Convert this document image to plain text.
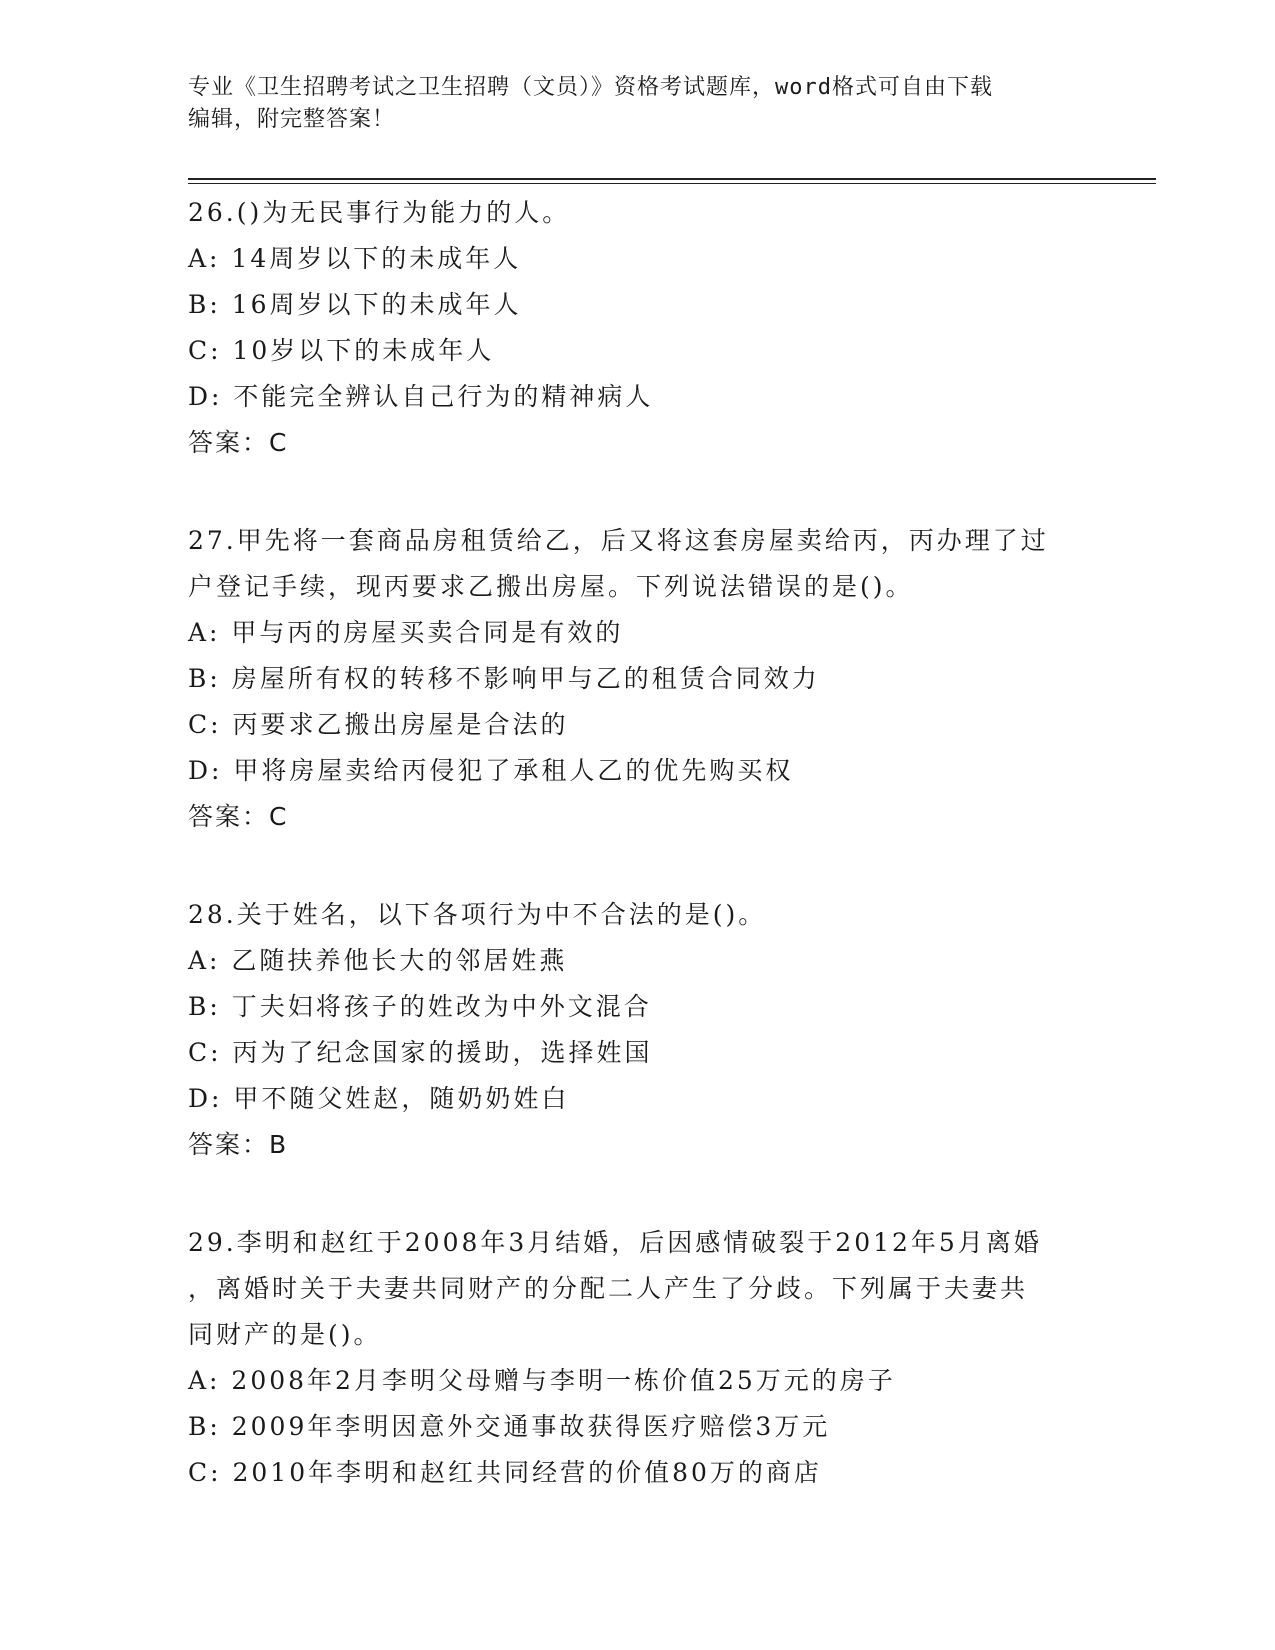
专业《卫生招聘考试之卫生招聘（文员）》资格考试题库，word格式可自由下载
编辑，附完整答案！
26.()为无民事行为能力的人。
A: 14周岁以下的未成年人
B: 16周岁以下的未成年人
C: 10岁以下的未成年人
D: 不能完全辨认自己行为的精神病人
答案：C
27.甲先将一套商品房租赁给乙，后又将这套房屋卖给丙，丙办理了过
户登记手续，现丙要求乙搬出房屋。下列说法错误的是()。
A: 甲与丙的房屋买卖合同是有效的
B: 房屋所有权的转移不影响甲与乙的租赁合同效力
C: 丙要求乙搬出房屋是合法的
D: 甲将房屋卖给丙侵犯了承租人乙的优先购买权
答案：C
28.关于姓名，以下各项行为中不合法的是()。
A: 乙随扶养他长大的邻居姓燕
B: 丁夫妇将孩子的姓改为中外文混合
C: 丙为了纪念国家的援助，选择姓国
D: 甲不随父姓赵，随奶奶姓白
答案：B
29.李明和赵红于2008年3月结婚，后因感情破裂于2012年5月离婚
，离婚时关于夫妻共同财产的分配二人产生了分歧。下列属于夫妻共
同财产的是()。
A: 2008年2月李明父母赠与李明一栋价值25万元的房子
B: 2009年李明因意外交通事故获得医疗赔偿3万元
C: 2010年李明和赵红共同经营的价值80万的商店
